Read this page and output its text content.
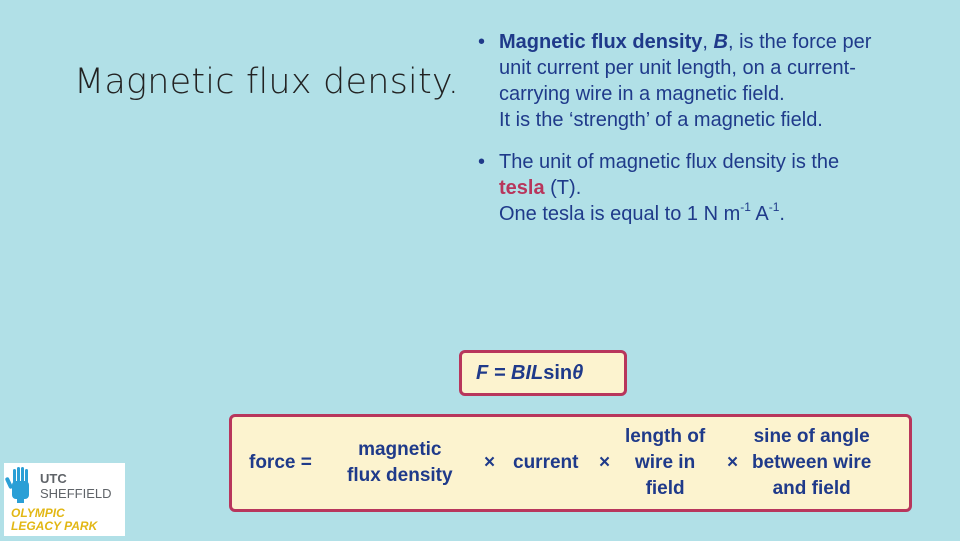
Magnetic flux density.
• Magnetic flux density, B, is the force per
unit current per unit length, on a current-
carrying wire in a magnetic field.
It is the ‘strength’ of a magnetic field.
• The unit of magnetic flux density is the
tesla (T).
One tesla is equal to 1 N $m^{-1}$ $A^{-1}$.
F = BIL sin θ
force =
magnetic
flux density
× current ×
length of
wire in
field
×
sine of angle
between wire
and field
UTC
SHEFFIELD
OLYMPIC
LEGACY PARK
